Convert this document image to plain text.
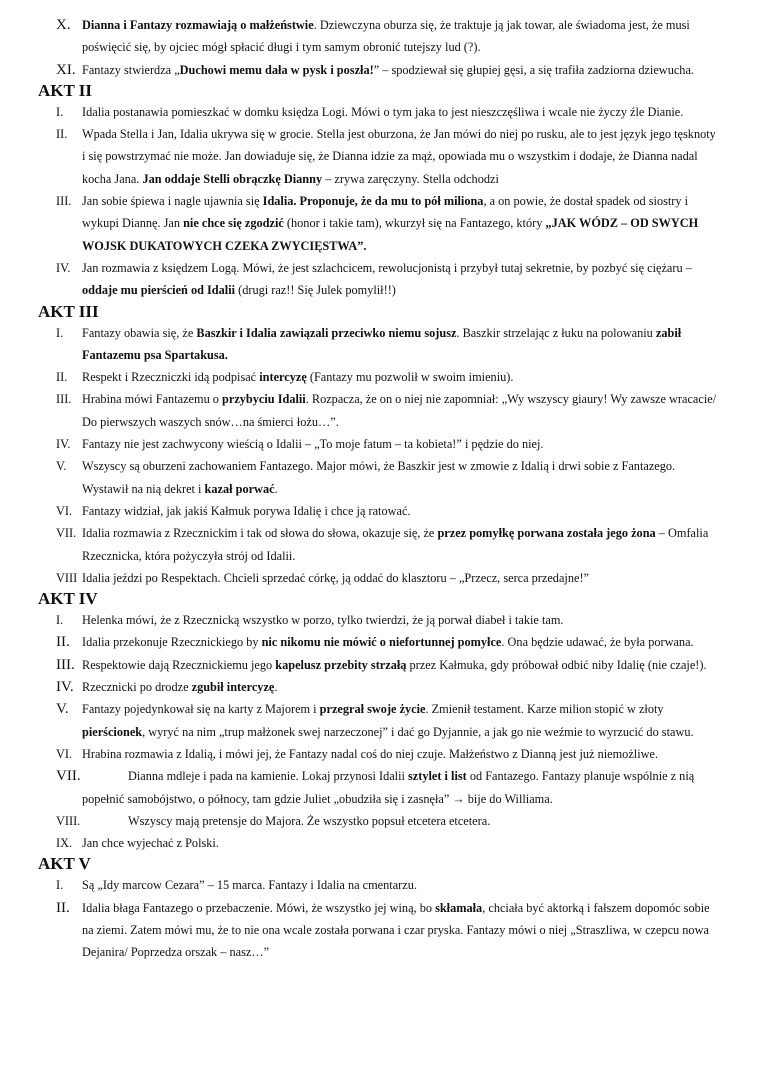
X. Dianna i Fantazy rozmawiają o małżeństwie. Dziewczyna oburza się, że traktuje ją jak towar, ale świadoma jest, że musi poświęcić się, by ojciec mógł spłacić długi i tym samym obronić tutejszy lud (?).
XI. Fantazy stwierdza „Duchowi memu dała w pysk i poszła!” – spodziewał się głupiej gęsi, a się trafiła zadziorna dziewucha.
AKT II
I. Idalia postanawia pomieszkać w domku księdza Logi. Mówi o tym jaka to jest nieszczęśliwa i wcale nie życzy źle Dianie.
II. Wpada Stella i Jan, Idalia ukrywa się w grocie. Stella jest oburzona, że Jan mówi do niej po rusku, ale to jest język jego tęsknoty i się powstrzymać nie może. Jan dowiaduje się, że Dianna idzie za mąż, opowiada mu o wszystkim i dodaje, że Dianna nadal kocha Jana. Jan oddaje Stelli obrączkę Dianny – zrywa zaręczyny. Stella odchodzi
III. Jan sobie śpiewa i nagle ujawnia się Idalia. Proponuje, że da mu to pół miliona, a on powie, że dostał spadek od siostry i wykupi Diannę. Jan nie chce się zgodzić (honor i takie tam), wkurzył się na Fantazego, który „JAK WÓDZ – OD SWYCH WOJSK DUKATOWYCH CZEKA ZWYCIĘSTWA”.
IV. Jan rozmawia z księdzem Logą. Mówi, że jest szlachcicem, rewolucjonistą i przybył tutaj sekretnie, by pozbyć się ciężaru – oddaje mu pierścień od Idalii (drugi raz!! Się Julek pomylił!!)
AKT III
I. Fantazy obawia się, że Baszkir i Idalia zawiązali przeciwko niemu sojusz. Baszkir strzelając z łuku na polowaniu zabił Fantazemu psa Spartakusa.
II. Respekt i Rzeczniczki idą podpisać intercyzę (Fantazy mu pozwolił w swoim imieniu).
III. Hrabina mówi Fantazemu o przybyciu Idalii. Rozpacza, że on o niej nie zapomniał: „Wy wszyscy giaury! Wy zawsze wracacie/ Do pierwszych waszych snów…na śmierci łożu…”.
IV. Fantazy nie jest zachwycony wieścią o Idalii – „To moje fatum – ta kobieta!” i pędzie do niej.
V. Wszyscy są oburzeni zachowaniem Fantazego. Major mówi, że Baszkir jest w zmowie z Idalią i drwi sobie z Fantazego. Wystawił na nią dekret i kazał porwać.
VI. Fantazy widział, jak jakiś Kałmuk porywa Idalię i chce ją ratować.
VII. Idalia rozmawia z Rzecznickim i tak od słowa do słowa, okazuje się, że przez pomyłkę porwana została jego żona – Omfalia Rzecznicka, która pożyczyła strój od Idalii.
VIII Idalia jeździ po Respektach. Chcieli sprzedać córkę, ją oddać do klasztoru – „Przecz, serca przedajne!”
AKT IV
I. Helenka mówi, że z Rzecznicką wszystko w porzo, tylko twierdzi, że ją porwał diabeł i takie tam.
II. Idalia przekonuje Rzecznickiego by nic nikomu nie mówić o niefortunnej pomyłce. Ona będzie udawać, że była porwana.
III. Respektowie dają Rzecznickiemu jego kapelusz przebity strzałą przez Kałmuka, gdy próbował odbić niby Idalię (nie czaje!).
IV. Rzecznicki po drodze zgubił intercyzę.
V. Fantazy pojedynkował się na karty z Majorem i przegrał swoje życie. Zmienił testament. Karze milion stopić w złoty pierścionek, wyryć na nim „trup małżonek swej narzeczonej” i dać go Dyjannie, a jak go nie weźmie to wyrzucić do stawu.
VI. Hrabina rozmawia z Idalią, i mówi jej, że Fantazy nadal coś do niej czuje. Małżeństwo z Dianną jest już niemożliwe.
VII.	Dianna mdleje i pada na kamienie. Lokaj przynosi Idalii sztylet i list od Fantazego. Fantazy planuje wspólnie z nią popełnić samobójstwo, o północy, tam gdzie Juliet „obudziła się i zasnęła” → bije do Williama.
VIII.	Wszyscy mają pretensje do Majora. Że wszystko popsuł etcetera etcetera.
IX. Jan chce wyjechać z Polski.
AKT V
I. Są „Idy marcow Cezara” – 15 marca. Fantazy i Idalia na cmentarzu.
II. Idalia błaga Fantazego o przebaczenie. Mówi, że wszystko jej winą, bo skłamała, chciała być aktorką i fałszem dopomóc sobie na ziemi. Zatem mówi mu, że to nie ona wcale została porwana i czar pryska. Fantazy mówi o niej „Straszliwa, w czepcu nowa Dejanira/ Poprzedza orszak – nasz…”
